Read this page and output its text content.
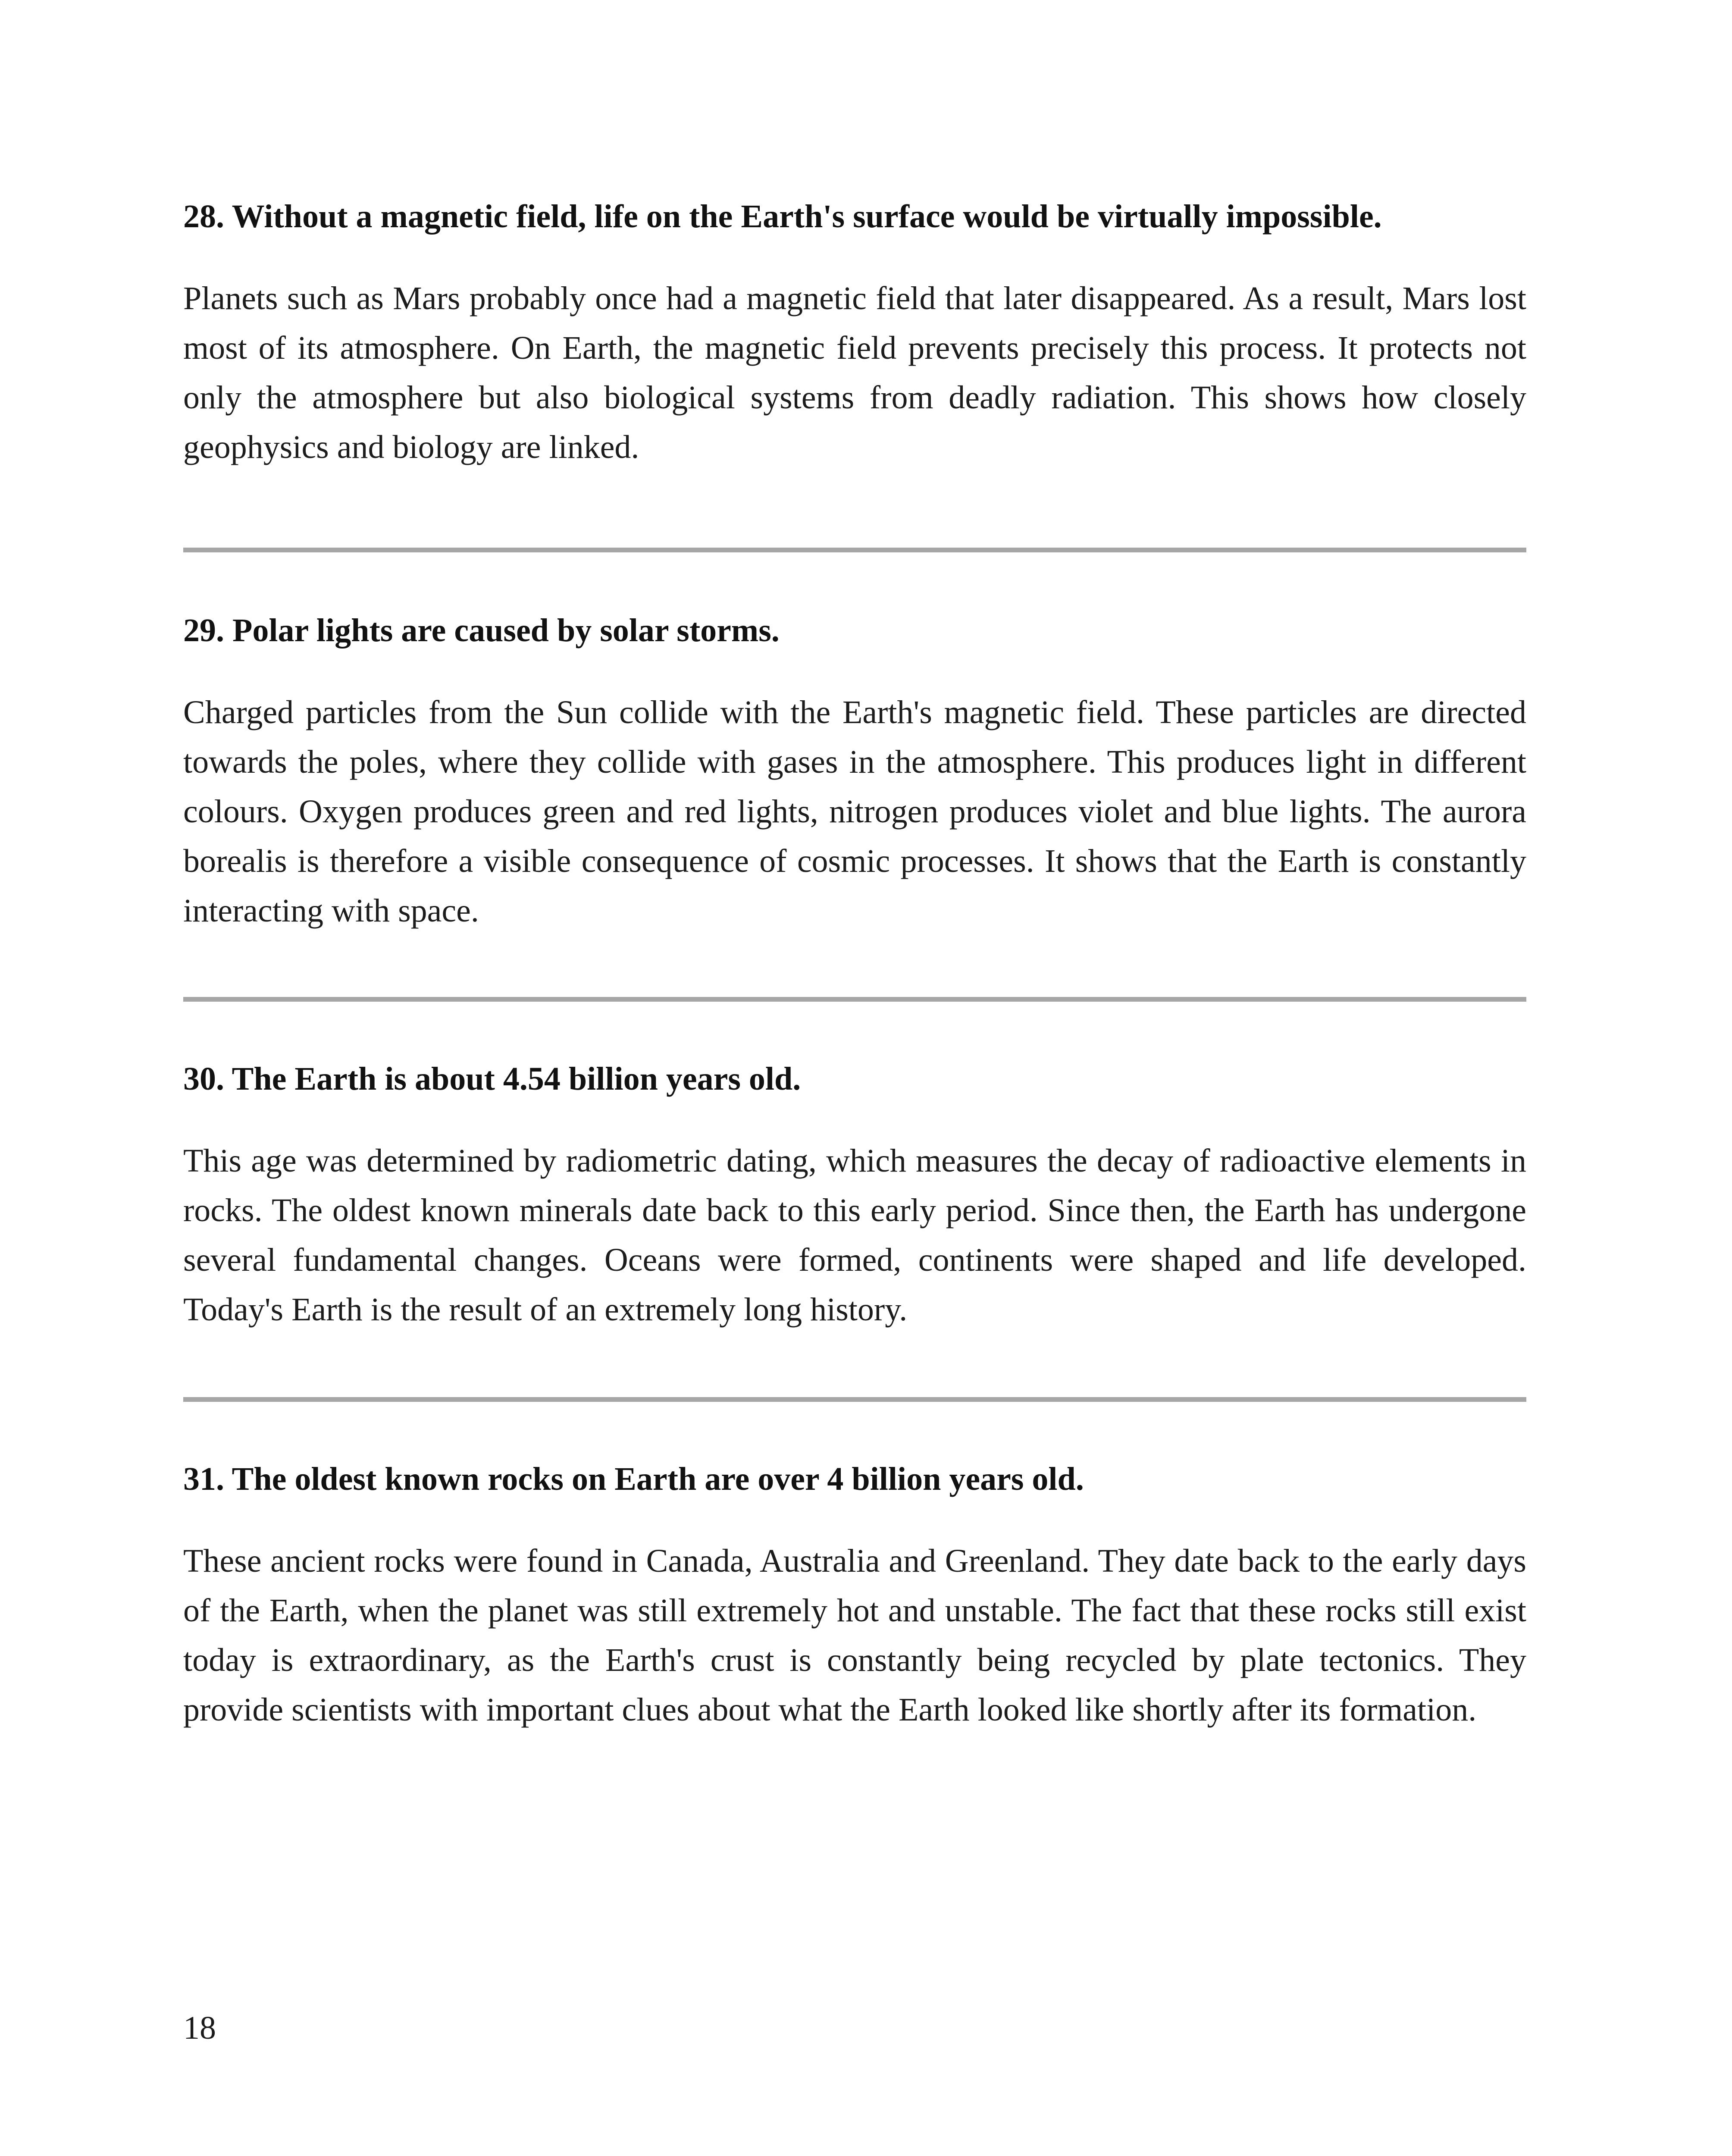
28. Without a magnetic field, life on the Earth's surface would be virtually impossible.

Planets such as Mars probably once had a magnetic field that later disappeared. As a result, Mars lost most of its atmosphere. On Earth, the magnetic field prevents precisely this process. It protects not only the atmosphere but also biological systems from deadly radiation. This shows how closely geophysics and biology are linked.

29. Polar lights are caused by solar storms.

Charged particles from the Sun collide with the Earth's magnetic field. These particles are directed towards the poles, where they collide with gases in the atmosphere. This produces light in different colours. Oxygen produces green and red lights, nitrogen produces violet and blue lights. The aurora borealis is therefore a visible consequence of cosmic processes. It shows that the Earth is constantly interacting with space.

30. The Earth is about 4.54 billion years old.

This age was determined by radiometric dating, which measures the decay of radioactive elements in rocks. The oldest known minerals date back to this early period. Since then, the Earth has undergone several fundamental changes. Oceans were formed, continents were shaped and life developed. Today's Earth is the result of an extremely long history.

31. The oldest known rocks on Earth are over 4 billion years old.

These ancient rocks were found in Canada, Australia and Greenland. They date back to the early days of the Earth, when the planet was still extremely hot and unstable. The fact that these rocks still exist today is extraordinary, as the Earth's crust is constantly being recycled by plate tectonics. They provide scientists with important clues about what the Earth looked like shortly after its formation.

18
